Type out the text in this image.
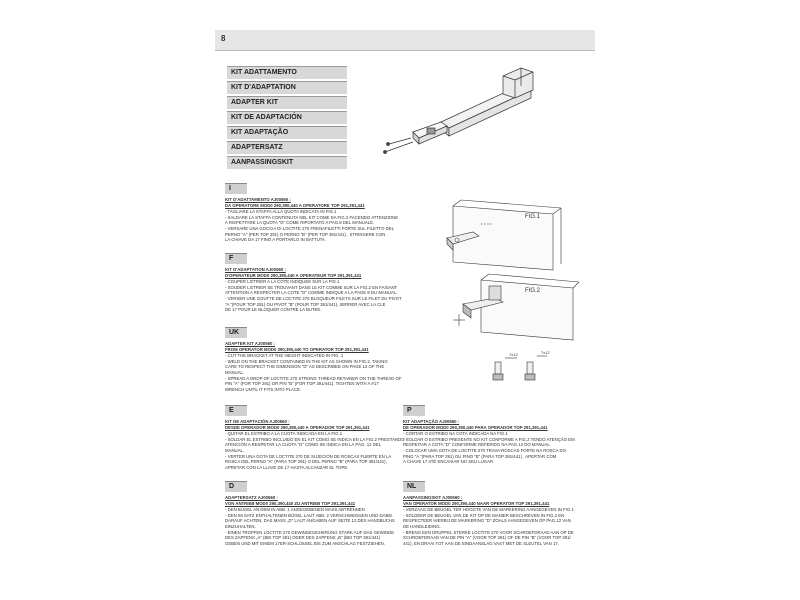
8
KIT ADATTAMENTO
KIT D'ADAPTATION
ADAPTER KIT
KIT DE ADAPTACIÓN
KIT ADAPTAÇÃO
ADAPTERSATZ
AANPASSINGSKIT
I
KIT D'ADATTAMENTO AJ00560 :
DA OPERATORE MOD0 290,390,440 A OPERATORE TOP 291,391,441
- TAGLIARE LA STAFFA ALLA QUOTA INDICATA IN FIG.1
- SALDARE LA STAFFA CONTENUTA NEL KIT COME DA FIG.2 FACENDO ATTENZIONE
A RISPETTARE LA QUOTA "D" COME RIPORTATO A PAG.8 DEL MANUALE.
- VERSARE UNA GOCCIA DI LOCTITE 270 FRENAFILETTI FORTE SUL FILETTO DEL
PERNO "A" (PER TOP 291) O PERNO "B" (PER TOP 391/441) , STRINGERE CON
LA CHIAVE DA 17 FINO A PORTARLO IN BATTUTA.
F
KIT D'ADAPTATION AJ00560 :
D'OPERATEUR MOD0 290,390,440 A OPERATEUR TOP 291,391,441
- COUPER L'ETRIER A LA COTE INDIQUEE SUR LA FIG.1
- SOUDER L'ETRIER SE TROUVANT DANS LE KIT COMME SUR LA FIG.2 EN FAISANT
ATTENTION A RESPECTER LA COTE "D" COMME INDIQUE A LA PAGE 8 DU MANUAL.
- VERSER UNE GOUTTE DE LOCTITE 270 BLOQUEUR FILETS SUR LE FILET DU PIVOT
"A "(POUR TOP 291) OU PIVOT "B" (POUR TOP 391/441), SERRER AVEC LA CLE
DE 17 POUR LE BLOQUER CONTRE LA BUTEE.
UK
ADAPTER KIT AJ00560 :
FROM OPERATOR MOD0 290,390,440 TO OPERATOR TOP 291,391,441
- CUT THE BRACKET AT THE HEIGHT INDICATED IN FIG. 1
- WELD ON THE BRACKET CONTAINED IN THE KIT AS SHOWN IN FIG.2, TAKING
CARE TO RESPECT THE DIMENSION "D" AS DESCRIBED ON PAGE 12 OF THE
MANUAL.
- SPREAD A DROP OF LOCTITE 270 STRONG THREAD RETAINER ON THE THREAD OF
PIN "A" (FOR TOP 291) OR PIN "B" (FOR TOP 391/441). TIGHTEN WITH A #17
WRENCH UNTIL IT FITS INTO PLACE.
E
KIT DE ADAPTACIÓN AJ00560 :
DESDE OPERADOR MOD0 290,390,440 A OPERADOR TOP 291,391,441
- QUITAR EL ESTRIBO A LA CUOTA INDICADA EN LA FIG.1
- SOLDAR EL ESTRIBO INCLUIDO EN EL KIT COMO SE INDICA EN LA FIG.2 PRESTANDO
ATENCIÓN A RESPETAR LA CUOTA "D" COMO SE INDICA EN LA PÁG. 12 DEL
MANUAL.
- VERTER UNA GOTA DE LOCTITE 270 DE SUJECIÓN DE ROSCAS FUERTE EN LA
ROSCA DEL PERNO "A" (PARA TOP 291) O DEL PERNO "B" (PARA TOP 391/441),
APRETAR CON LA LLAVE DE 17 HASTA ALCANZAR EL TOPE.
P
KIT ADAPTAÇÃO AJ00560 :
DE OPERADOR MOD0 290,390,440 PARA OPERADOR TOP 291,391,441
- CORTAR O ESTRIBO NA COTA INDICADA NA FIG.1
- SOLDAR O ESTRIBO PRESENTE NO KIT CONFORME A FIG.2 TENDO ATENÇÃO EM
RESPEITAR A COTA "D" CONFORME REFERIDO NA PAG.12 DO MANUAL.
- COLOCAR UMA GOTA DE LOCTITE 270 TRAVA-ROSCAS FORTE NA ROSCA DO
PINO "A "(PARA TOP 291) OU PINO "B" (PARA TOP 391/441) , APERTAR COM
A CHAVE 17 ATÉ ENCAIXAR NO SEU LUGAR.
D
ADAPTERSATZ AJ00560 :
VON ANTRIEB MOD0 290,390,440 ZU ANTRIEB TOP 291,391,441
- DEN BÜGEL AN DEM IN ABB. 1 ANGEGEBENEN MASS ABTRENNEN
- DEN IM SATZ ENTHALTENEN BÜGEL LAUT ABB. 2 VERSCHWEISSEN UND DABEI
DARAUF ACHTEN, DAS MASS „D" LAUT ANGABEN AUF SEITE 12 DES HANDBUCHS
EINZUHALTEN.
- EINEN TROPFEN LOCTITE 270 GEWINDESICHERUNG STARK AUF DAS GEWINDE
DES ZAPFENS „A" (BEI TOP 291) ODER DES ZAPFENS „B" (BEI TOP 391/441)
GEBEN UND MIT EINEM 17ER-SCHLÜSSEL BIS ZUM ANSCHLAG FESTZIEHEN.
NL
AANPASSINGSKIT AJ00560 :
VAN OPERATOR MOD0 290,390,440 NAAR OPERATOR TOP 291,391,441
- VERZAAG DE BEUGEL TER HOOGTE VAN DE MARKERING AANGEGEVEN IN FIG.1
- SOLDEER DE BEUGEL VAN DE KIT OP DE MANIER BESCHREVEN IN FIG.2 EN
RESPECTEER HIERBIJ DE MARKERING "D" ZOALS AANGEGEVEN OP PAG.12 VAN
DE HANDLEIDING.
- BRENG EEN DRUPPEL STERKE LOCTITE 270 VOOR SCHROEFDRAAD AAN OP DE
SCHROEFDRAAD VAN DE PIN "A" (VOOR TOP 291) OF DE PIN "B" (VOOR TOP 391/
441), EN DRAAI TOT AAN DE EINDAANSLAG VAST MET DE SLEUTEL VAN 17.
FIG.1
FIG.2
7x12	7x12
